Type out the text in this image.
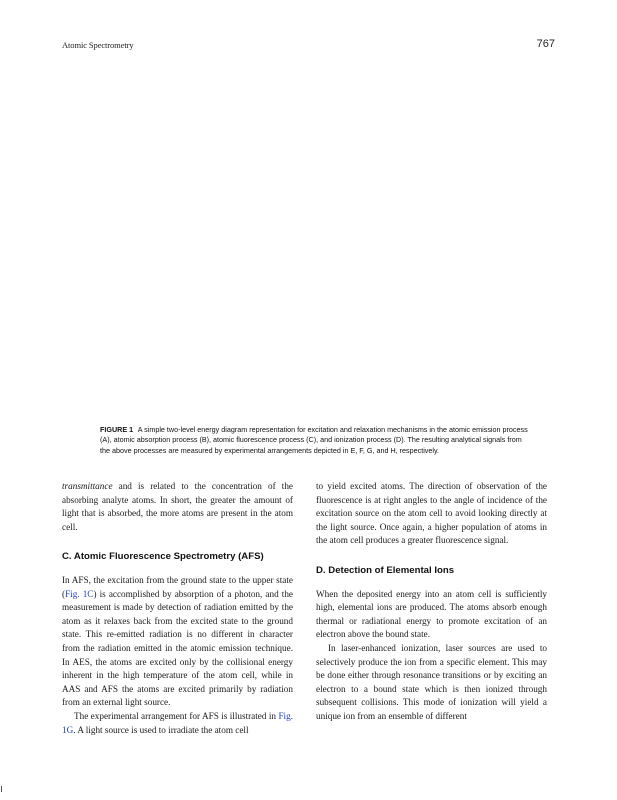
Atomic Spectrometry	767
FIGURE 1 A simple two-level energy diagram representation for excitation and relaxation mechanisms in the atomic emission process (A), atomic absorption process (B), atomic fluorescence process (C), and ionization process (D). The resulting analytical signals from the above processes are measured by experimental arrangements depicted in E, F, G, and H, respectively.

transmittance and is related to the concentration of the absorbing analyte atoms. In short, the greater the amount of light that is absorbed, the more atoms are present in the atom cell.

C. Atomic Fluorescence Spectrometry (AFS)

In AFS, the excitation from the ground state to the upper state (Fig. 1C) is accomplished by absorption of a photon, and the measurement is made by detection of radiation emitted by the atom as it relaxes back from the excited state to the ground state. This re-emitted radiation is no different in character from the radiation emitted in the atomic emission technique. In AES, the atoms are excited only by the collisional energy inherent in the high temperature of the atom cell, while in AAS and AFS the atoms are excited primarily by radiation from an external light source.

The experimental arrangement for AFS is illustrated in Fig. 1G. A light source is used to irradiate the atom cell

to yield excited atoms. The direction of observation of the fluorescence is at right angles to the angle of incidence of the excitation source on the atom cell to avoid looking directly at the light source. Once again, a higher population of atoms in the atom cell produces a greater fluorescence signal.

D. Detection of Elemental Ions

When the deposited energy into an atom cell is sufficiently high, elemental ions are produced. The atoms absorb enough thermal or radiational energy to promote excitation of an electron above the bound state.

In laser-enhanced ionization, laser sources are used to selectively produce the ion from a specific element. This may be done either through resonance transitions or by exciting an electron to a bound state which is then ionized through subsequent collisions. This mode of ionization will yield a unique ion from an ensemble of different
